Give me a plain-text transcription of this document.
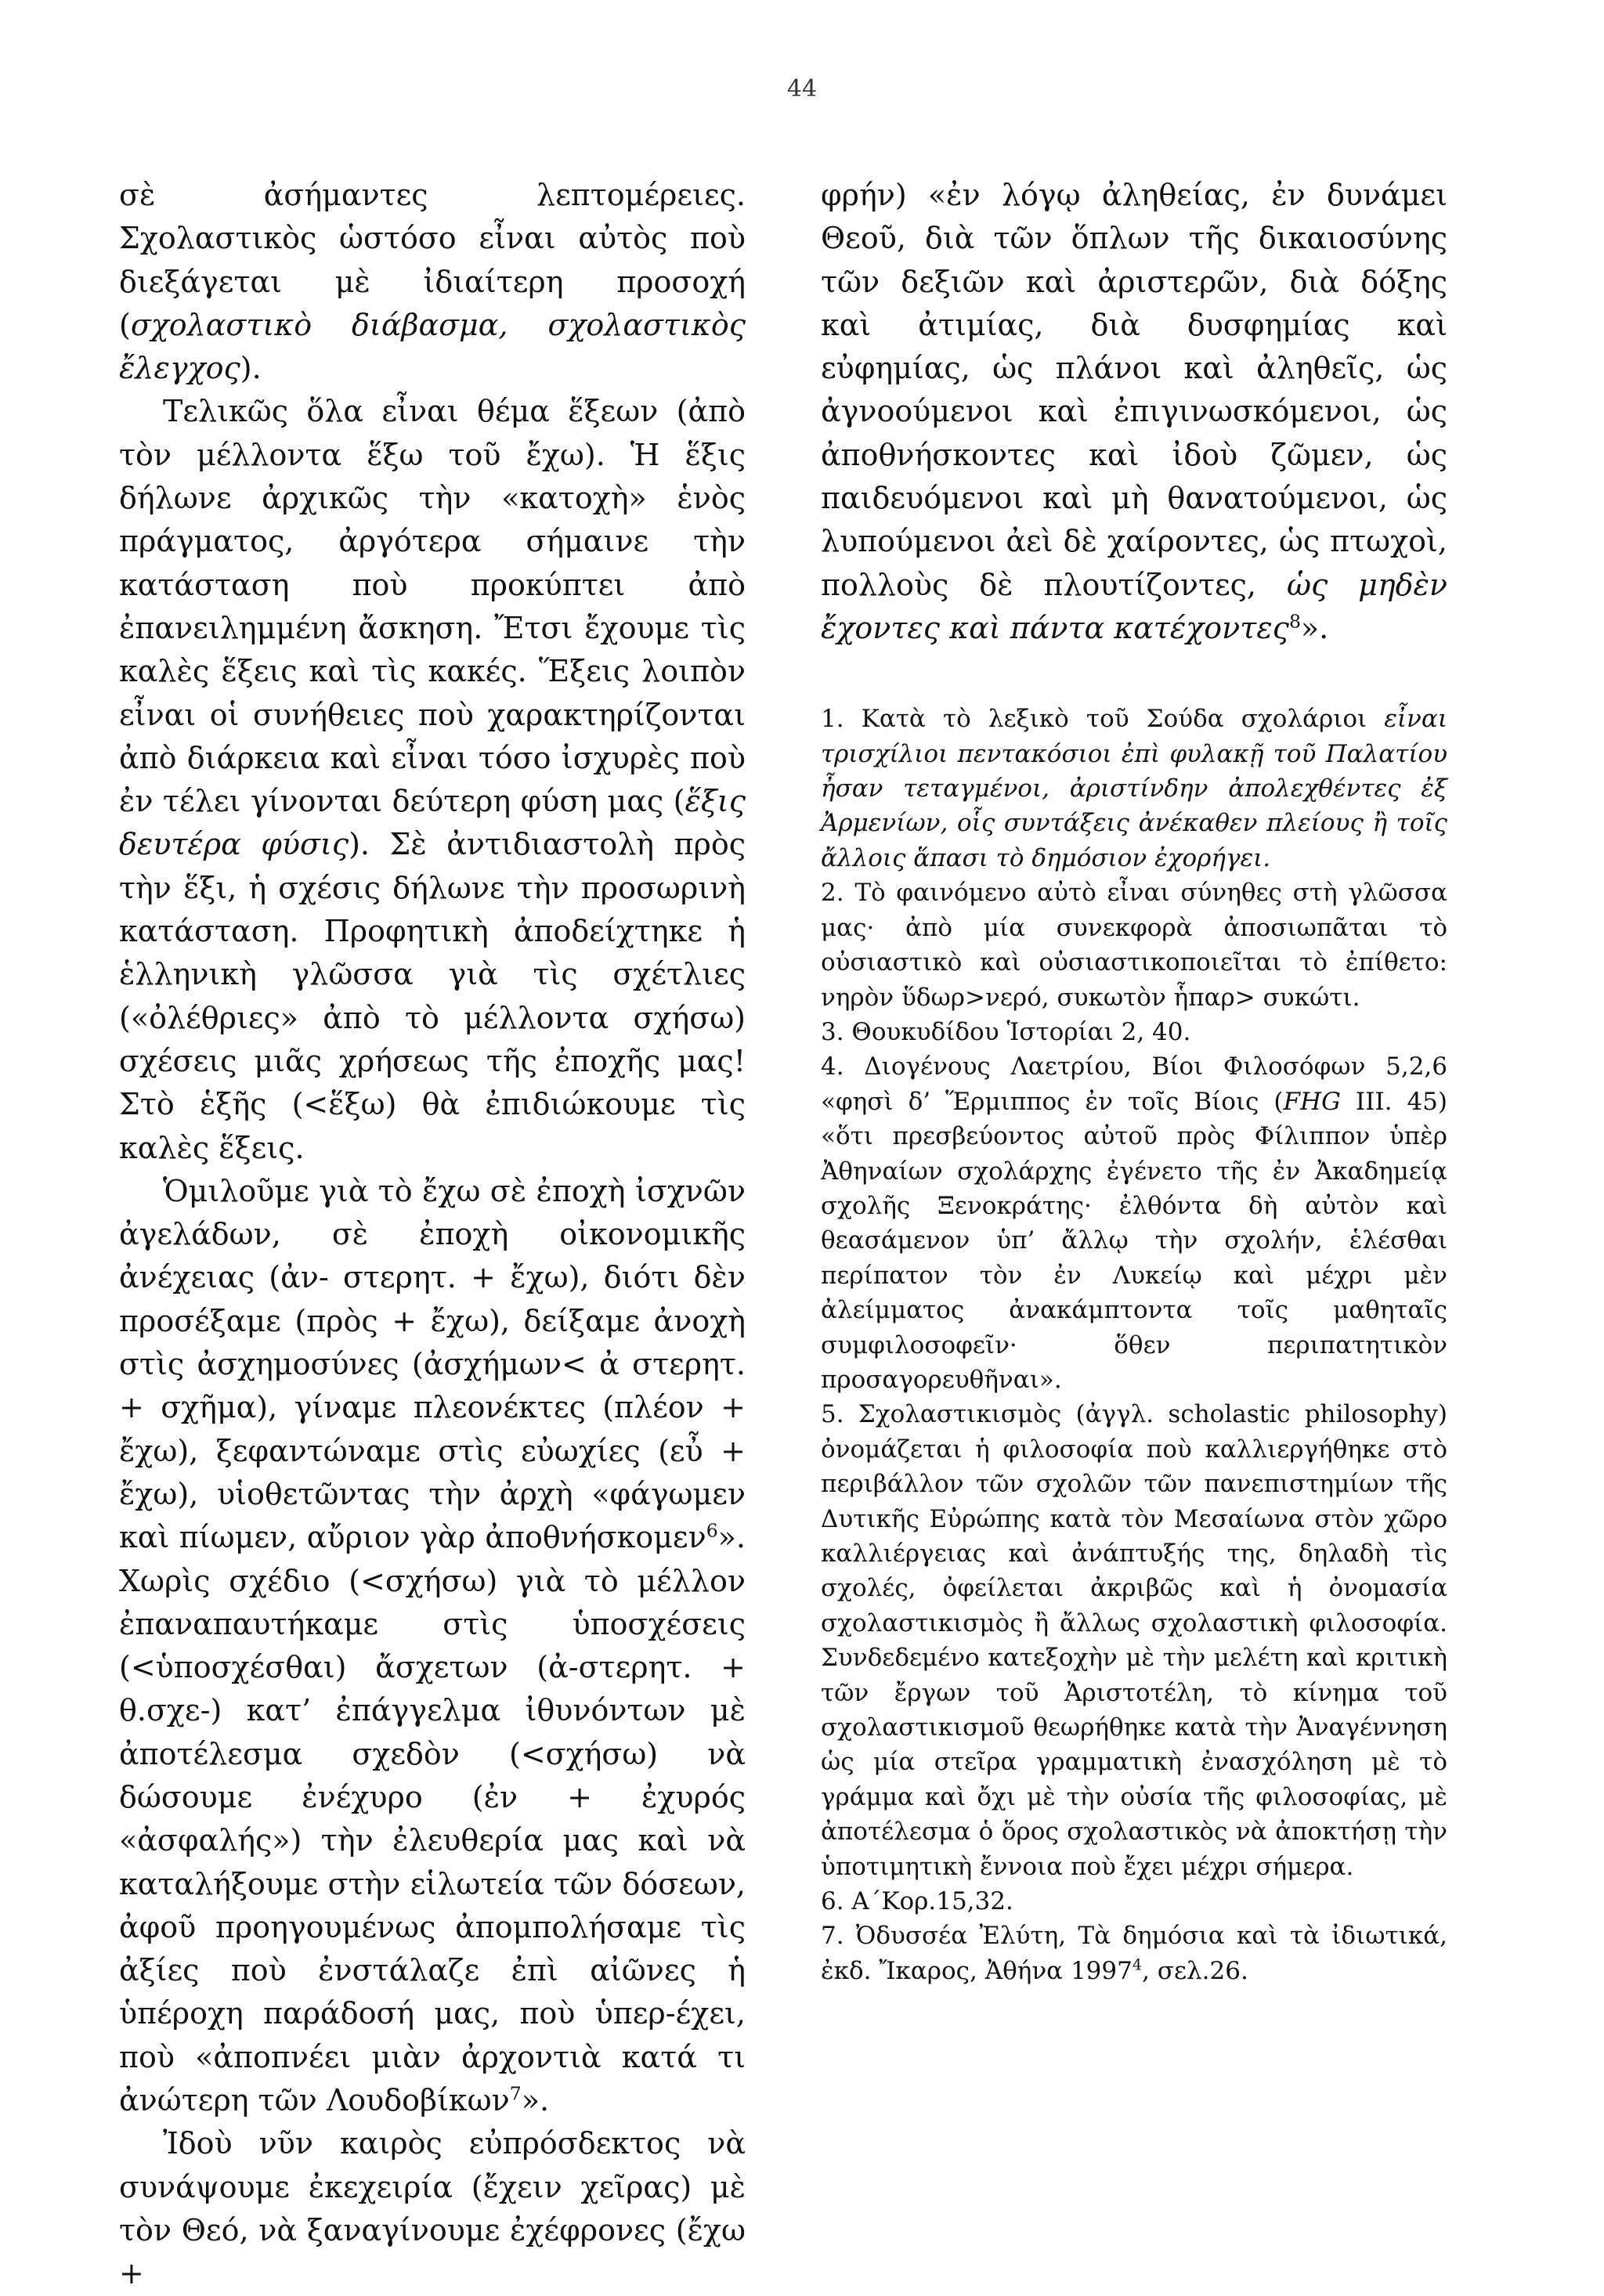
44

σὲ ἀσήμαντες λεπτομέρειες. Σχολαστικὸς ὡστόσο εἶναι αὐτὸς ποὺ διεξάγεται μὲ ἰδιαίτερη προσοχή (σχολαστικὸ διάβασμα, σχολαστικὸς ἔλεγχος).

Τελικῶς ὅλα εἶναι θέμα ἕξεων (ἀπὸ τὸν μέλλοντα ἕξω τοῦ ἔχω). Ἡ ἕξις δήλωνε ἀρχικῶς τὴν «κατοχὴ» ἑνὸς πράγματος, ἀργότερα σήμαινε τὴν κατάσταση ποὺ προκύπτει ἀπὸ ἐπανειλημμένη ἄσκηση. Ἔτσι ἔχουμε τὶς καλὲς ἕξεις καὶ τὶς κακές. Ἕξεις λοιπὸν εἶναι οἱ συνήθειες ποὺ χαρακτηρίζονται ἀπὸ διάρκεια καὶ εἶναι τόσο ἰσχυρὲς ποὺ ἐν τέλει γίνονται δεύτερη φύση μας (ἕξις δευτέρα φύσις). Σὲ ἀντιδιαστολὴ πρὸς τὴν ἕξι, ἡ σχέσις δήλωνε τὴν προσωρινὴ κατάσταση. Προφητικὴ ἀποδείχτηκε ἡ ἑλληνικὴ γλῶσσα γιὰ τὶς σχέτλιες («ὀλέθριες» ἀπὸ τὸ μέλλοντα σχήσω) σχέσεις μιᾶς χρήσεως τῆς ἐποχῆς μας! Στὸ ἑξῆς (<ἕξω) θὰ ἐπιδιώκουμε τὶς καλὲς ἕξεις.

Ὁμιλοῦμε γιὰ τὸ ἔχω σὲ ἐποχὴ ἰσχνῶν ἀγελάδων, σὲ ἐποχὴ οἰκονομικῆς ἀνέχειας (ἀν- στερητ. + ἔχω), διότι δὲν προσέξαμε (πρὸς + ἔχω), δείξαμε ἀνοχὴ στὶς ἀσχημοσύνες (ἀσχήμων< ἀ στερητ. + σχῆμα), γίναμε πλεονέκτες (πλέον + ἔχω), ξεφαντώναμε στὶς εὐωχίες (εὖ + ἔχω), υἱοθετῶντας τὴν ἀρχὴ «φάγωμεν καὶ πίωμεν, αὔριον γὰρ ἀποθνήσκομεν$^6$». Χωρὶς σχέδιο (<σχήσω) γιὰ τὸ μέλλον ἐπαναπαυτήκαμε στὶς ὑποσχέσεις (<ὑποσχέσθαι) ἄσχετων (ἀ-στερητ. + θ.σχε-) κατ’ ἐπάγγελμα ἰθυνόντων μὲ ἀποτέλεσμα σχεδὸν (<σχήσω) νὰ δώσουμε ἐνέχυρο (ἐν + ἐχυρός «ἀσφαλής») τὴν ἐλευθερία μας καὶ νὰ καταλήξουμε στὴν εἱλωτεία τῶν δόσεων, ἀφοῦ προηγουμένως ἀπομπολήσαμε τὶς ἀξίες ποὺ ἐνστάλαζε ἐπὶ αἰῶνες ἡ ὑπέροχη παράδοσή μας, ποὺ ὑπερ-έχει, ποὺ «ἀποπνέει μιὰν ἀρχοντιὰ κατά τι ἀνώτερη τῶν Λουδοβίκων$^7$».

Ἰδοὺ νῦν καιρὸς εὐπρόσδεκτος νὰ συνάψουμε ἐκεχειρία (ἔχειν χεῖρας) μὲ τὸν Θεό, νὰ ξαναγίνουμε ἐχέφρονες (ἔχω +

φρήν) «ἐν λόγῳ ἀληθείας, ἐν δυνάμει Θεοῦ, διὰ τῶν ὅπλων τῆς δικαιοσύνης τῶν δεξιῶν καὶ ἀριστερῶν, διὰ δόξης καὶ ἀτιμίας, διὰ δυσφημίας καὶ εὐφημίας, ὡς πλάνοι καὶ ἀληθεῖς, ὡς ἀγνοούμενοι καὶ ἐπιγινωσκόμενοι, ὡς ἀποθνήσκοντες καὶ ἰδοὺ ζῶμεν, ὡς παιδευόμενοι καὶ μὴ θανατούμενοι, ὡς λυπούμενοι ἀεὶ δὲ χαίροντες, ὡς πτωχοὶ, πολλοὺς δὲ πλουτίζοντες, ὡς μηδὲν ἔχοντες καὶ πάντα κατέχοντες$^8$».

1. Κατὰ τὸ λεξικὸ τοῦ Σούδα σχολάριοι εἶναι τρισχίλιοι πεντακόσιοι ἐπὶ φυλακῇ τοῦ Παλατίου ἦσαν τεταγμένοι, ἀριστίνδην ἀπολεχθέντες ἐξ Ἀρμενίων, οἷς συντάξεις ἀνέκαθεν πλείους ἢ τοῖς ἄλλοις ἅπασι τὸ δημόσιον ἐχορήγει.

2. Τὸ φαινόμενο αὐτὸ εἶναι σύνηθες στὴ γλῶσσα μας· ἀπὸ μία συνεκφορὰ ἀποσιωπᾶται τὸ οὐσιαστικὸ καὶ οὐσιαστικοποιεῖται τὸ ἐπίθετο: νηρὸν ὕδωρ>νερό, συκωτὸν ἧπαρ> συκώτι.

3. Θουκυδίδου Ἱστορίαι 2, 40.

4. Διογένους Λαετρίου, Βίοι Φιλοσόφων 5,2,6 «φησὶ δ’ Ἕρμιππος ἐν τοῖς Βίοις (FHG III. 45) «ὅτι πρεσβεύοντος αὐτοῦ πρὸς Φίλιππον ὑπὲρ Ἀθηναίων σχολάρχης ἐγένετο τῆς ἐν Ἀκαδημείᾳ σχολῆς Ξενοκράτης· ἐλθόντα δὴ αὐτὸν καὶ θεασάμενον ὑπ’ ἄλλῳ τὴν σχολήν, ἑλέσθαι περίπατον τὸν ἐν Λυκείῳ καὶ μέχρι μὲν ἀλείμματος ἀνακάμπτοντα τοῖς μαθηταῖς συμφιλοσοφεῖν· ὅθεν περιπατητικὸν προσαγορευθῆναι».

5. Σχολαστικισμὸς (ἀγγλ. scholastic philosophy) ὀνομάζεται ἡ φιλοσοφία ποὺ καλλιεργήθηκε στὸ περιβάλλον τῶν σχολῶν τῶν πανεπιστημίων τῆς Δυτικῆς Εὐρώπης κατὰ τὸν Μεσαίωνα στὸν χῶρο καλλιέργειας καὶ ἀνάπτυξής της, δηλαδὴ τὶς σχολές, ὀφείλεται ἀκριβῶς καὶ ἡ ὀνομασία σχολαστικισμὸς ἢ ἄλλως σχολαστικὴ φιλοσοφία. Συνδεδεμένο κατεξοχὴν μὲ τὴν μελέτη καὶ κριτικὴ τῶν ἔργων τοῦ Ἀριστοτέλη, τὸ κίνημα τοῦ σχολαστικισμοῦ θεωρήθηκε κατὰ τὴν Ἀναγέννηση ὡς μία στεῖρα γραμματικὴ ἐνασχόληση μὲ τὸ γράμμα καὶ ὄχι μὲ τὴν οὐσία τῆς φιλοσοφίας, μὲ ἀποτέλεσμα ὁ ὅρος σχολαστικὸς νὰ ἀποκτήσῃ τὴν ὑποτιμητικὴ ἔννοια ποὺ ἔχει μέχρι σήμερα.

6. Α΄Κορ.15,32.

7. Ὀδυσσέα Ἐλύτη, Τὰ δημόσια καὶ τὰ ἰδιωτικά, ἐκδ. Ἴκαρος, Ἀθήνα 1997$^4$, σελ.26.
